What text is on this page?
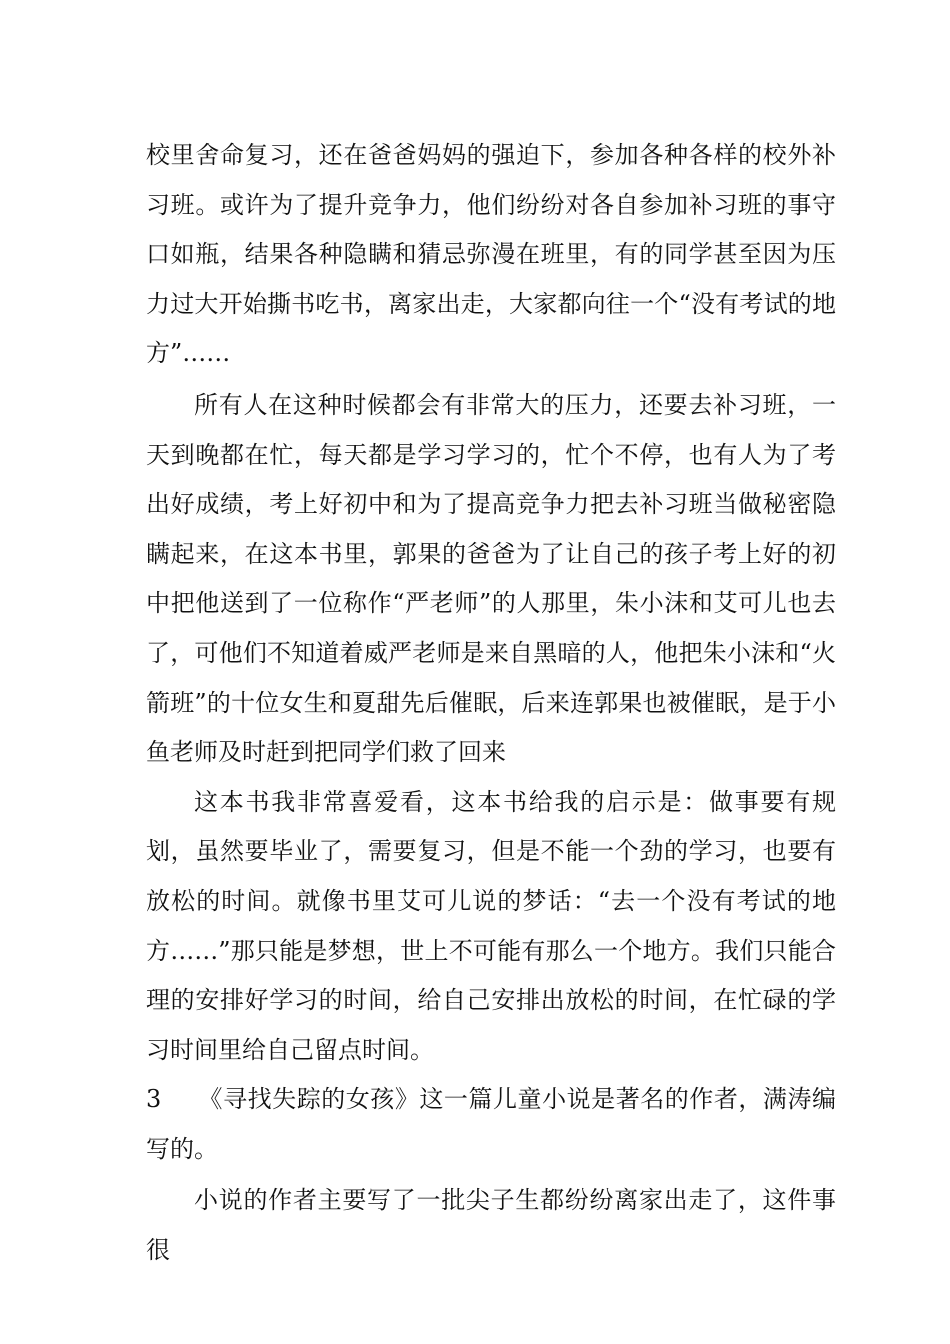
校里舍命复习，还在爸爸妈妈的强迫下，参加各种各样的校外补习班。或许为了提升竞争力，他们纷纷对各自参加补习班的事守口如瓶，结果各种隐瞒和猜忌弥漫在班里，有的同学甚至因为压力过大开始撕书吃书，离家出走，大家都向往一个“没有考试的地方”……

所有人在这种时候都会有非常大的压力，还要去补习班，一天到晚都在忙，每天都是学习学习的，忙个不停，也有人为了考出好成绩，考上好初中和为了提高竞争力把去补习班当做秘密隐瞒起来，在这本书里，郭果的爸爸为了让自己的孩子考上好的初中把他送到了一位称作“严老师”的人那里，朱小沫和艾可儿也去了，可他们不知道着威严老师是来自黑暗的人，他把朱小沫和“火箭班”的十位女生和夏甜先后催眠，后来连郭果也被催眠，是于小鱼老师及时赶到把同学们救了回来

这本书我非常喜爱看，这本书给我的启示是：做事要有规划，虽然要毕业了，需要复习，但是不能一个劲的学习，也要有放松的时间。就像书里艾可儿说的梦话：“去一个没有考试的地方……”那只能是梦想，世上不可能有那么一个地方。我们只能合理的安排好学习的时间，给自己安排出放松的时间，在忙碌的学习时间里给自己留点时间。

3 《寻找失踪的女孩》这一篇儿童小说是著名的作者，满涛编写的。

小说的作者主要写了一批尖子生都纷纷离家出走了，这件事很
